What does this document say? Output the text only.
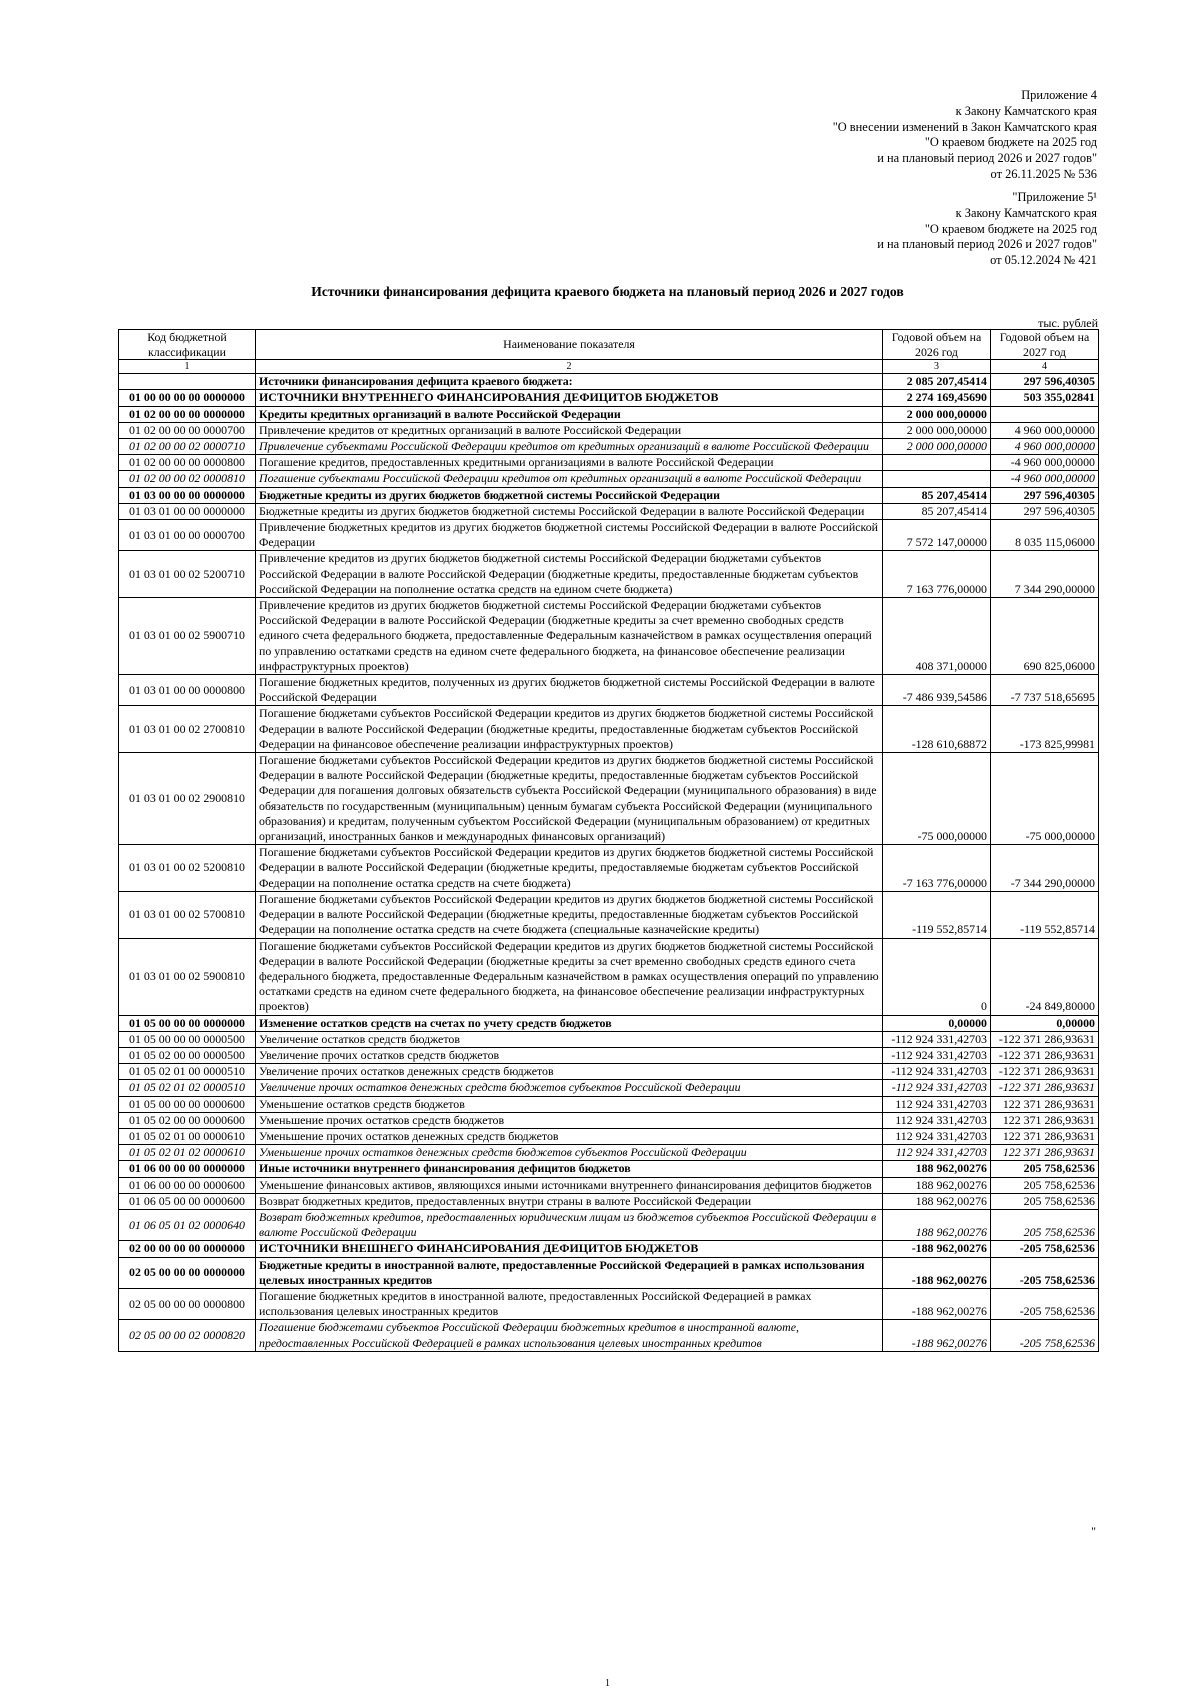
Приложение 4
к Закону Камчатского края
"О внесении изменений в Закон Камчатского края
"О краевом бюджете на 2025 год
и на плановый период 2026 и 2027 годов"
от 26.11.2025 № 536
"Приложение 5¹
к Закону Камчатского края
"О краевом бюджете на 2025 год
и на плановый период 2026 и 2027 годов"
от 05.12.2024 № 421
Источники финансирования дефицита краевого бюджета на плановый период 2026 и 2027 годов
тыс. рублей
Код бюджетной классификации	Наименование показателя	Годовой объем на 2026 год	Годовой объем на 2027 год
1	2	3	4
	Источники финансирования дефицита краевого бюджета:	2 085 207,45414	297 596,40305
01 00 00 00 00 0000000	ИСТОЧНИКИ ВНУТРЕННЕГО ФИНАНСИРОВАНИЯ ДЕФИЦИТОВ БЮДЖЕТОВ	2 274 169,45690	503 355,02841
01 02 00 00 00 0000000	Кредиты кредитных организаций в валюте Российской Федерации	2 000 000,00000	
01 02 00 00 00 0000700	Привлечение кредитов от кредитных организаций в валюте Российской Федерации	2 000 000,00000	4 960 000,00000
01 02 00 00 02 0000710	Привлечение субъектами Российской Федерации кредитов от кредитных организаций в валюте Российской Федерации	2 000 000,00000	4 960 000,00000
01 02 00 00 00 0000800	Погашение кредитов, предоставленных кредитными организациями в валюте Российской Федерации		-4 960 000,00000
01 02 00 00 02 0000810	Погашение субъектами Российской Федерации кредитов от кредитных организаций в валюте Российской Федерации		-4 960 000,00000
01 03 00 00 00 0000000	Бюджетные кредиты из других бюджетов бюджетной системы Российской Федерации	85 207,45414	297 596,40305
01 03 01 00 00 0000000	Бюджетные кредиты из других бюджетов бюджетной системы Российской Федерации в валюте Российской Федерации	85 207,45414	297 596,40305
01 03 01 00 00 0000700	Привлечение бюджетных кредитов из других бюджетов бюджетной системы Российской Федерации в валюте Российской Федерации	7 572 147,00000	8 035 115,06000
01 03 01 00 02 5200710	Привлечение кредитов из других бюджетов бюджетной системы Российской Федерации бюджетами субъектов Российской Федерации в валюте Российской Федерации (бюджетные кредиты, предоставленные бюджетам субъектов Российской Федерации на пополнение остатка средств на едином счете бюджета)	7 163 776,00000	7 344 290,00000
01 03 01 00 02 5900710	Привлечение кредитов из других бюджетов бюджетной системы Российской Федерации бюджетами субъектов Российской Федерации в валюте Российской Федерации (бюджетные кредиты за счет временно свободных средств единого счета федерального бюджета, предоставленные Федеральным казначейством в рамках осуществления операций по управлению остатками средств на едином счете федерального бюджета, на финансовое обеспечение реализации инфраструктурных проектов)	408 371,00000	690 825,06000
01 03 01 00 00 0000800	Погашение бюджетных кредитов, полученных из других бюджетов бюджетной системы Российской Федерации в валюте Российской Федерации	-7 486 939,54586	-7 737 518,65695
01 03 01 00 02 2700810	Погашение бюджетами субъектов Российской Федерации кредитов из других бюджетов бюджетной системы Российской Федерации в валюте Российской Федерации (бюджетные кредиты, предоставленные бюджетам субъектов Российской Федерации на финансовое обеспечение реализации инфраструктурных проектов)	-128 610,68872	-173 825,99981
01 03 01 00 02 2900810	Погашение бюджетами субъектов Российской Федерации кредитов из других бюджетов бюджетной системы Российской Федерации в валюте Российской Федерации (бюджетные кредиты, предоставленные бюджетам субъектов Российской Федерации для погашения долговых обязательств субъекта Российской Федерации (муниципального образования) в виде обязательств по государственным (муниципальным) ценным бумагам субъекта Российской Федерации (муниципального образования) и кредитам, полученным субъектом Российской Федерации (муниципальным образованием) от кредитных организаций, иностранных банков и международных финансовых организаций)	-75 000,00000	-75 000,00000
01 03 01 00 02 5200810	Погашение бюджетами субъектов Российской Федерации кредитов из других бюджетов бюджетной системы Российской Федерации в валюте Российской Федерации (бюджетные кредиты, предоставляемые бюджетам субъектов Российской Федерации на пополнение остатка средств на счете бюджета)	-7 163 776,00000	-7 344 290,00000
01 03 01 00 02 5700810	Погашение бюджетами субъектов Российской Федерации кредитов из других бюджетов бюджетной системы Российской Федерации в валюте Российской Федерации (бюджетные кредиты, предоставленные бюджетам субъектов Российской Федерации на пополнение остатка средств на счете бюджета (специальные казначейские кредиты)	-119 552,85714	-119 552,85714
01 03 01 00 02 5900810	Погашение бюджетами субъектов Российской Федерации кредитов из других бюджетов бюджетной системы Российской Федерации в валюте Российской Федерации (бюджетные кредиты за счет временно свободных средств единого счета федерального бюджета, предоставленные Федеральным казначейством в рамках осуществления операций по управлению остатками средств на едином счете федерального бюджета, на финансовое обеспечение реализации инфраструктурных проектов)	0	-24 849,80000
01 05 00 00 00 0000000	Изменение остатков средств на счетах по учету средств бюджетов	0,00000	0,00000
01 05 00 00 00 0000500	Увеличение остатков средств бюджетов	-112 924 331,42703	-122 371 286,93631
01 05 02 00 00 0000500	Увеличение прочих остатков средств бюджетов	-112 924 331,42703	-122 371 286,93631
01 05 02 01 00 0000510	Увеличение прочих остатков денежных средств бюджетов	-112 924 331,42703	-122 371 286,93631
01 05 02 01 02 0000510	Увеличение прочих остатков денежных средств бюджетов субъектов Российской Федерации	-112 924 331,42703	-122 371 286,93631
01 05 00 00 00 0000600	Уменьшение остатков средств бюджетов	112 924 331,42703	122 371 286,93631
01 05 02 00 00 0000600	Уменьшение прочих остатков средств бюджетов	112 924 331,42703	122 371 286,93631
01 05 02 01 00 0000610	Уменьшение прочих остатков денежных средств бюджетов	112 924 331,42703	122 371 286,93631
01 05 02 01 02 0000610	Уменьшение прочих остатков денежных средств бюджетов субъектов Российской Федерации	112 924 331,42703	122 371 286,93631
01 06 00 00 00 0000000	Иные источники внутреннего финансирования дефицитов бюджетов	188 962,00276	205 758,62536
01 06 00 00 00 0000600	Уменьшение финансовых активов, являющихся иными источниками внутреннего финансирования дефицитов бюджетов	188 962,00276	205 758,62536
01 06 05 00 00 0000600	Возврат бюджетных кредитов, предоставленных внутри страны в валюте Российской Федерации	188 962,00276	205 758,62536
01 06 05 01 02 0000640	Возврат бюджетных кредитов, предоставленных юридическим лицам из бюджетов субъектов Российской Федерации в валюте Российской Федерации	188 962,00276	205 758,62536
02 00 00 00 00 0000000	ИСТОЧНИКИ ВНЕШНЕГО ФИНАНСИРОВАНИЯ ДЕФИЦИТОВ БЮДЖЕТОВ	-188 962,00276	-205 758,62536
02 05 00 00 00 0000000	Бюджетные кредиты в иностранной валюте, предоставленные Российской Федерацией в рамках использования целевых иностранных кредитов	-188 962,00276	-205 758,62536
02 05 00 00 00 0000800	Погашение бюджетных кредитов в иностранной валюте, предоставленных Российской Федерацией в рамках использования целевых иностранных кредитов	-188 962,00276	-205 758,62536
02 05 00 00 02 0000820	Погашение бюджетами субъектов Российской Федерации бюджетных кредитов в иностранной валюте, предоставленных Российской Федерацией в рамках использования целевых иностранных кредитов	-188 962,00276	-205 758,62536
"
1
